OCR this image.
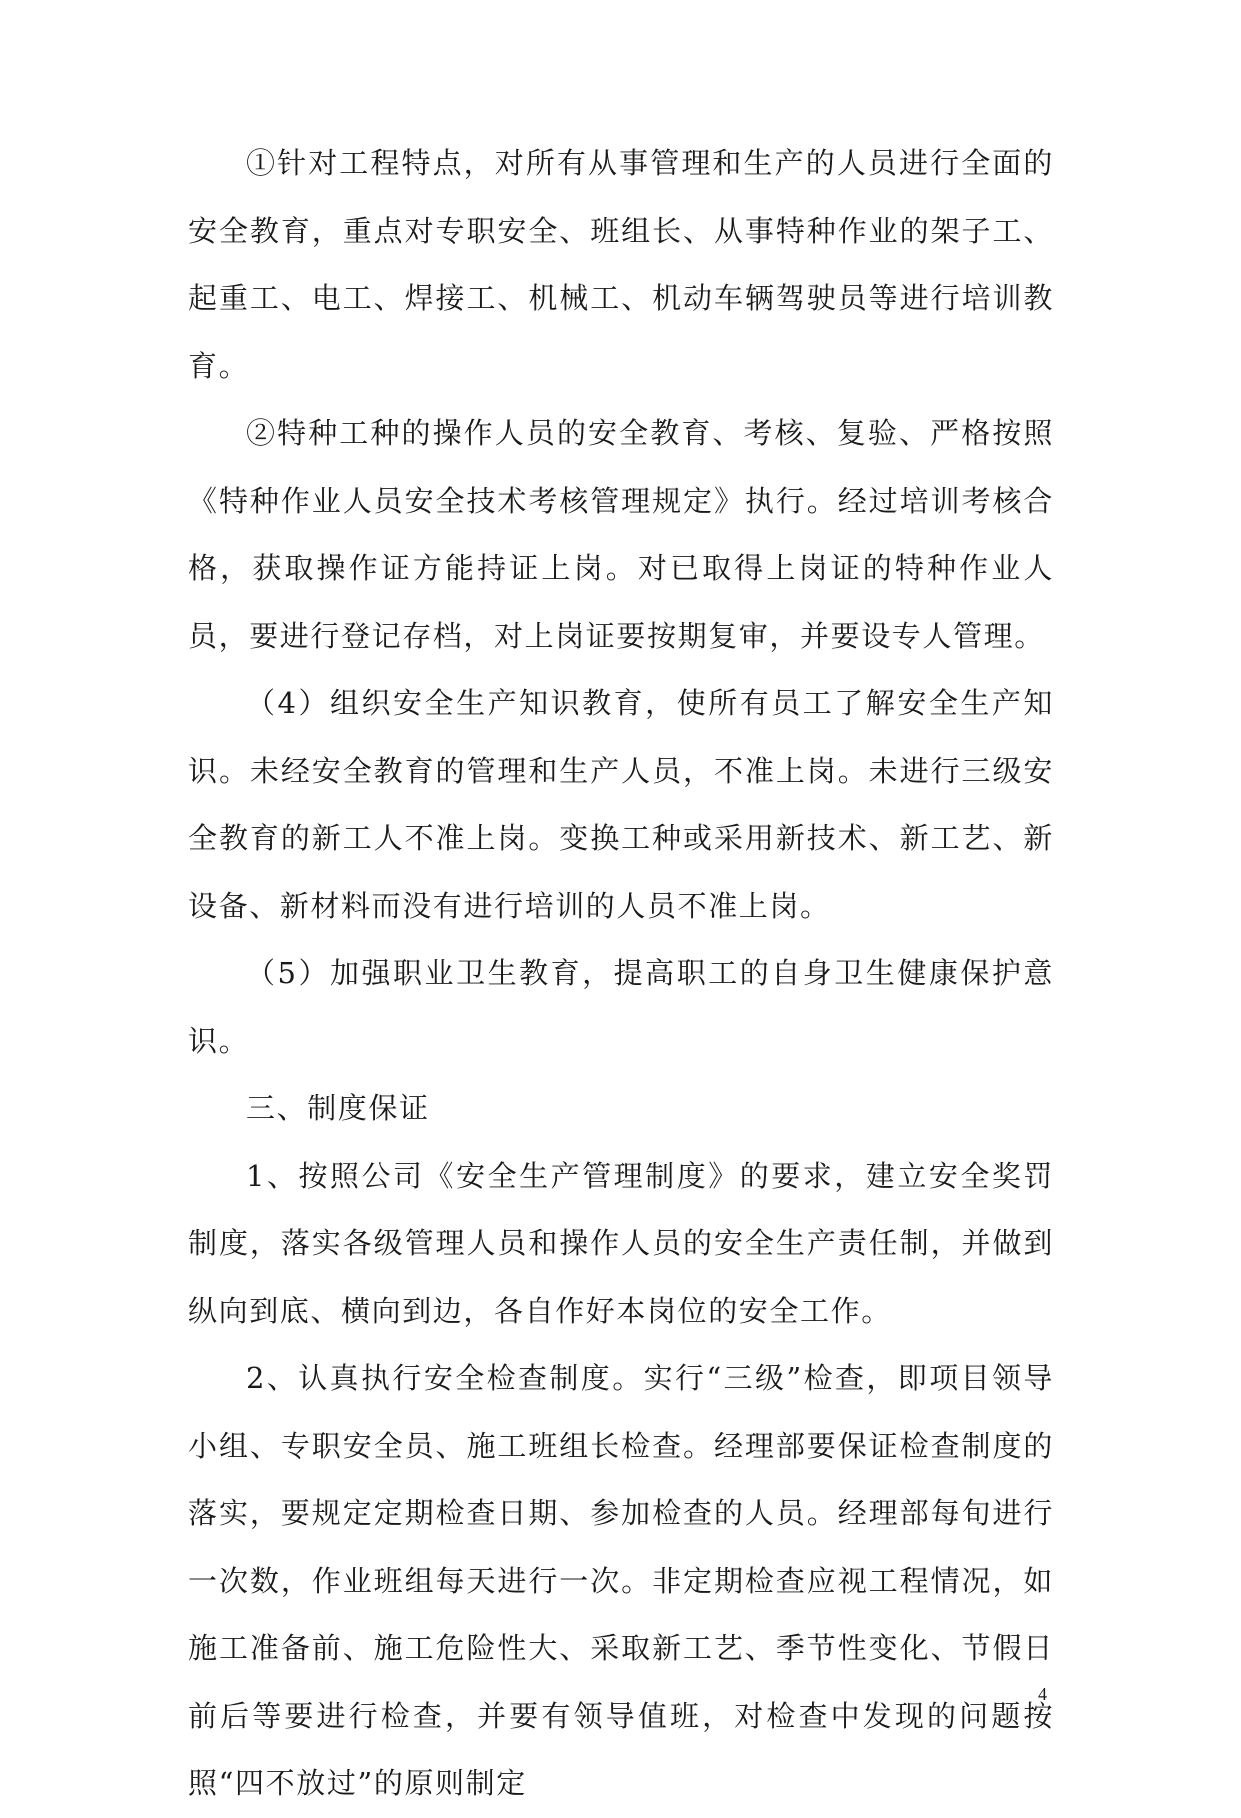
①针对工程特点，对所有从事管理和生产的人员进行全面的安全教育，重点对专职安全、班组长、从事特种作业的架子工、起重工、电工、焊接工、机械工、机动车辆驾驶员等进行培训教育。

②特种工种的操作人员的安全教育、考核、复验、严格按照《特种作业人员安全技术考核管理规定》执行。经过培训考核合格，获取操作证方能持证上岗。对已取得上岗证的特种作业人员，要进行登记存档，对上岗证要按期复审，并要设专人管理。

（4）组织安全生产知识教育，使所有员工了解安全生产知识。未经安全教育的管理和生产人员，不准上岗。未进行三级安全教育的新工人不准上岗。变换工种或采用新技术、新工艺、新设备、新材料而没有进行培训的人员不准上岗。

（5）加强职业卫生教育，提高职工的自身卫生健康保护意识。

三、制度保证

1、按照公司《安全生产管理制度》的要求，建立安全奖罚制度，落实各级管理人员和操作人员的安全生产责任制，并做到纵向到底、横向到边，各自作好本岗位的安全工作。

2、认真执行安全检查制度。实行“三级”检查，即项目领导小组、专职安全员、施工班组长检查。经理部要保证检查制度的落实，要规定定期检查日期、参加检查的人员。经理部每旬进行一次数，作业班组每天进行一次。非定期检查应视工程情况，如施工准备前、施工危险性大、采取新工艺、季节性变化、节假日前后等要进行检查，并要有领导值班，对检查中发现的问题按照“四不放过”的原则制定

4
